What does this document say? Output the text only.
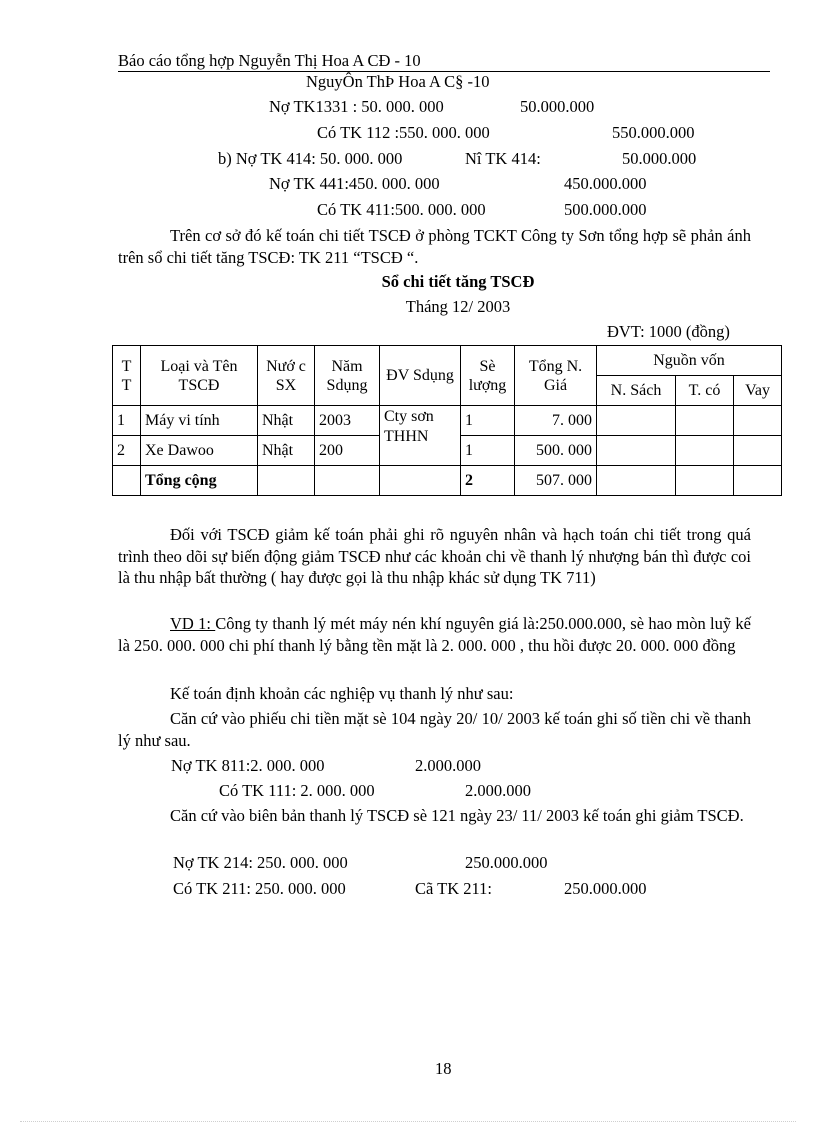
Báo cáo tổng hợp Nguyễn Thị Hoa A CĐ - 10
NguyÔn ThÞ Hoa A C§ -10
Nợ TK1331 : 50. 000. 000	50.000.000
Có TK 112 :550. 000. 000	550.000.000
b) Nợ TK 414: 50. 000. 000	Nî TK 414:	50.000.000
Nợ TK 441:450. 000. 000	450.000.000
Có TK 411:500. 000. 000	500.000.000
Trên cơ sở đó kế toán chi tiết TSCĐ ở phòng TCKT Công ty Sơn tổng hợp sẽ phản ánh trên sổ chi tiết tăng TSCĐ: TK 211 “TSCĐ “.
Sổ chi tiết tăng TSCĐ
Tháng 12/ 2003
ĐVT: 1000 (đồng)
T T	Loại và Tên TSCĐ	Nướ c SX	Năm Sdụng	ĐV Sdụng	Sè lượng	Tổng N. Giá	Nguồn vốn		
							N. Sách	T. có	Vay
1	Máy vi tính	Nhật	2003	Cty sơn THHN	1	7. 000			
2	Xe Dawoo	Nhật	200		1	500. 000			
	Tổng cộng				2	507. 000			
Đối với TSCĐ giảm kế toán phải ghi rõ nguyên nhân và hạch toán chi tiết trong quá trình theo dõi sự biến động giảm TSCĐ như các khoản chi về thanh lý nhượng bán thì được coi là thu nhập bất thường ( hay được gọi là thu nhập khác sử dụng TK 711)
VD 1: Công ty thanh lý mét máy nén khí nguyên giá là:250.000.000, sè hao mòn luỹ kế là 250. 000. 000 chi phí thanh lý bằng tền mặt là 2. 000. 000 , thu hồi được 20. 000. 000 đồng
Kế toán định khoản các nghiệp vụ thanh lý như sau:
Căn cứ vào phiếu chi tiền mặt sè 104 ngày 20/ 10/ 2003 kế toán ghi số tiền chi về thanh lý như sau.
Nợ TK 811:2. 000. 000	2.000.000
Có TK 111: 2. 000. 000	2.000.000
Căn cứ vào biên bản thanh lý TSCĐ sè 121 ngày 23/ 11/ 2003 kế toán ghi giảm TSCĐ.
Nợ TK 214: 250. 000. 000	250.000.000
Có TK 211: 250. 000. 000	Cã TK 211:	250.000.000
18
